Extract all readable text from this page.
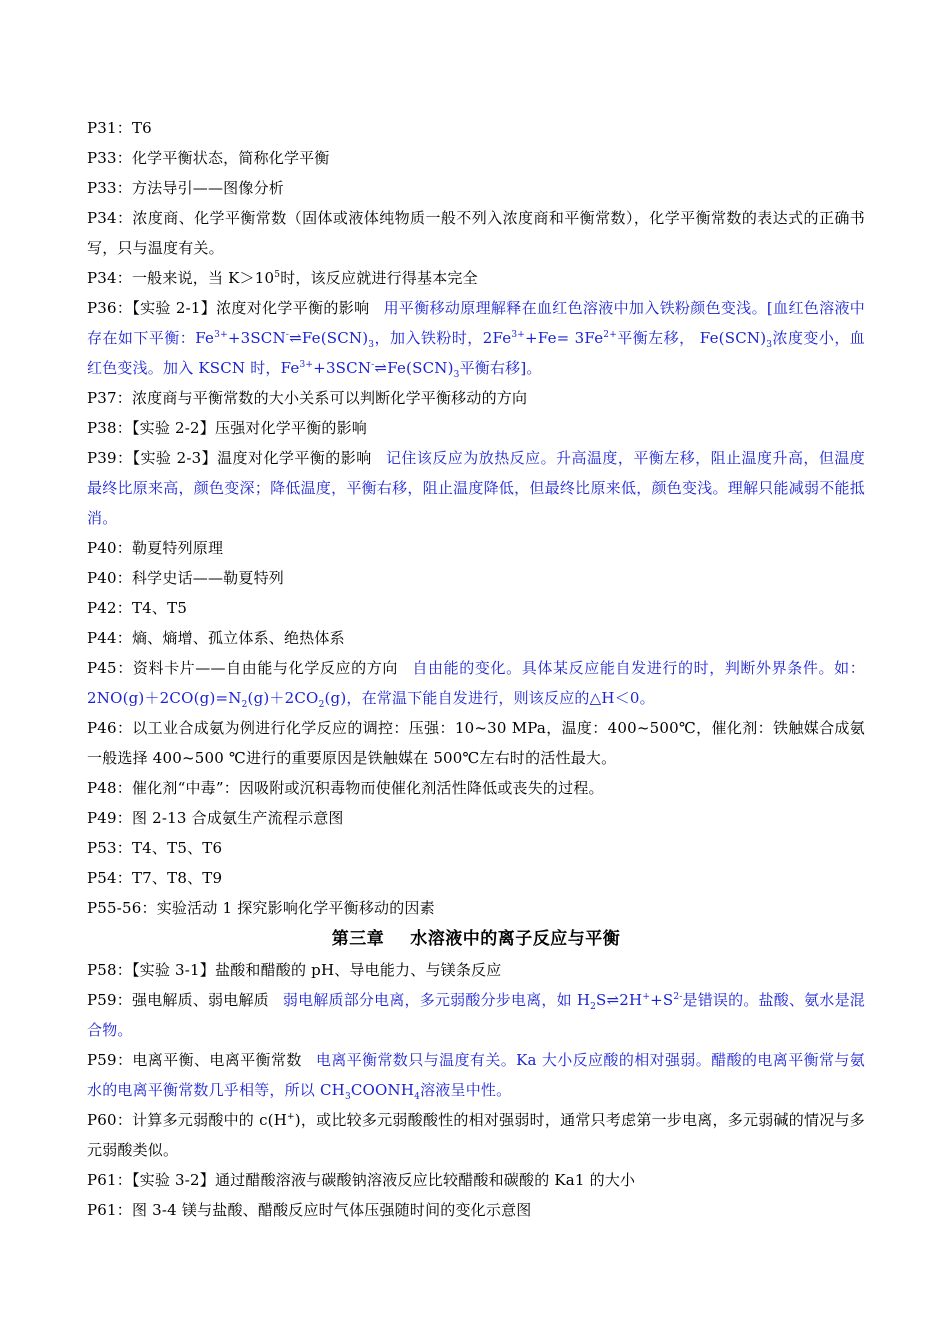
P31：T6

P33：化学平衡状态，简称化学平衡

P33：方法导引——图像分析

P34：浓度商、化学平衡常数（固体或液体纯物质一般不列入浓度商和平衡常数），化学平衡常数的表达式的正确书写，只与温度有关。

P34：一般来说，当 $K>10^5$时，该反应就进行得基本完全

P36：【实验 2-1】浓度对化学平衡的影响 用平衡移动原理解释在血红色溶液中加入铁粉颜色变浅。[血红色溶液中存在如下平衡：$Fe^{3+}+3SCN^-\rightleftharpoons Fe(SCN)_3$，加入铁粉时，$2Fe^{3+}+Fe= 3Fe^{2+}$平衡左移， $Fe(SCN)_3$浓度变小，血红色变浅。加入 KSCN 时，$Fe^{3+}+3SCN^-\rightleftharpoons Fe(SCN)_3$平衡右移]。

P37：浓度商与平衡常数的大小关系可以判断化学平衡移动的方向

P38：【实验 2-2】压强对化学平衡的影响

P39：【实验 2-3】温度对化学平衡的影响 记住该反应为放热反应。升高温度，平衡左移，阻止温度升高，但温度最终比原来高，颜色变深；降低温度，平衡右移，阻止温度降低，但最终比原来低，颜色变浅。理解只能减弱不能抵消。

P40：勒夏特列原理

P40：科学史话——勒夏特列

P42：T4、T5

P44：熵、熵增、孤立体系、绝热体系

P45：资料卡片——自由能与化学反应的方向 自由能的变化。具体某反应能自发进行的时，判断外界条件。如：$2NO(g)+2CO(g)=N_2(g)+2CO_2(g)$，在常温下能自发进行，则该反应的△H＜0。

P46：以工业合成氨为例进行化学反应的调控：压强：10~30 MPa，温度：400~500℃，催化剂：铁触媒合成氨一般选择 400~500 ℃进行的重要原因是铁触媒在 500℃左右时的活性最大。

P48：催化剂“中毒”：因吸附或沉积毒物而使催化剂活性降低或丧失的过程。

P49：图 2-13 合成氨生产流程示意图

P53：T4、T5、T6

P54：T7、T8、T9

P55-56：实验活动 1 探究影响化学平衡移动的因素

第三章 水溶液中的离子反应与平衡

P58：【实验 3-1】盐酸和醋酸的 pH、导电能力、与镁条反应

P59：强电解质、弱电解质 弱电解质部分电离，多元弱酸分步电离，如 $H_2S\rightleftharpoons 2H^++S^{2-}$是错误的。盐酸、氨水是混合物。

P59：电离平衡、电离平衡常数 电离平衡常数只与温度有关。Ka 大小反应酸的相对强弱。醋酸的电离平衡常与氨水的电离平衡常数几乎相等，所以 $CH_3COONH_4$溶液呈中性。

P60：计算多元弱酸中的 c(H+)，或比较多元弱酸酸性的相对强弱时，通常只考虑第一步电离，多元弱碱的情况与多元弱酸类似。

P61：【实验 3-2】通过醋酸溶液与碳酸钠溶液反应比较醋酸和碳酸的 Ka1 的大小

P61：图 3-4 镁与盐酸、醋酸反应时气体压强随时间的变化示意图
